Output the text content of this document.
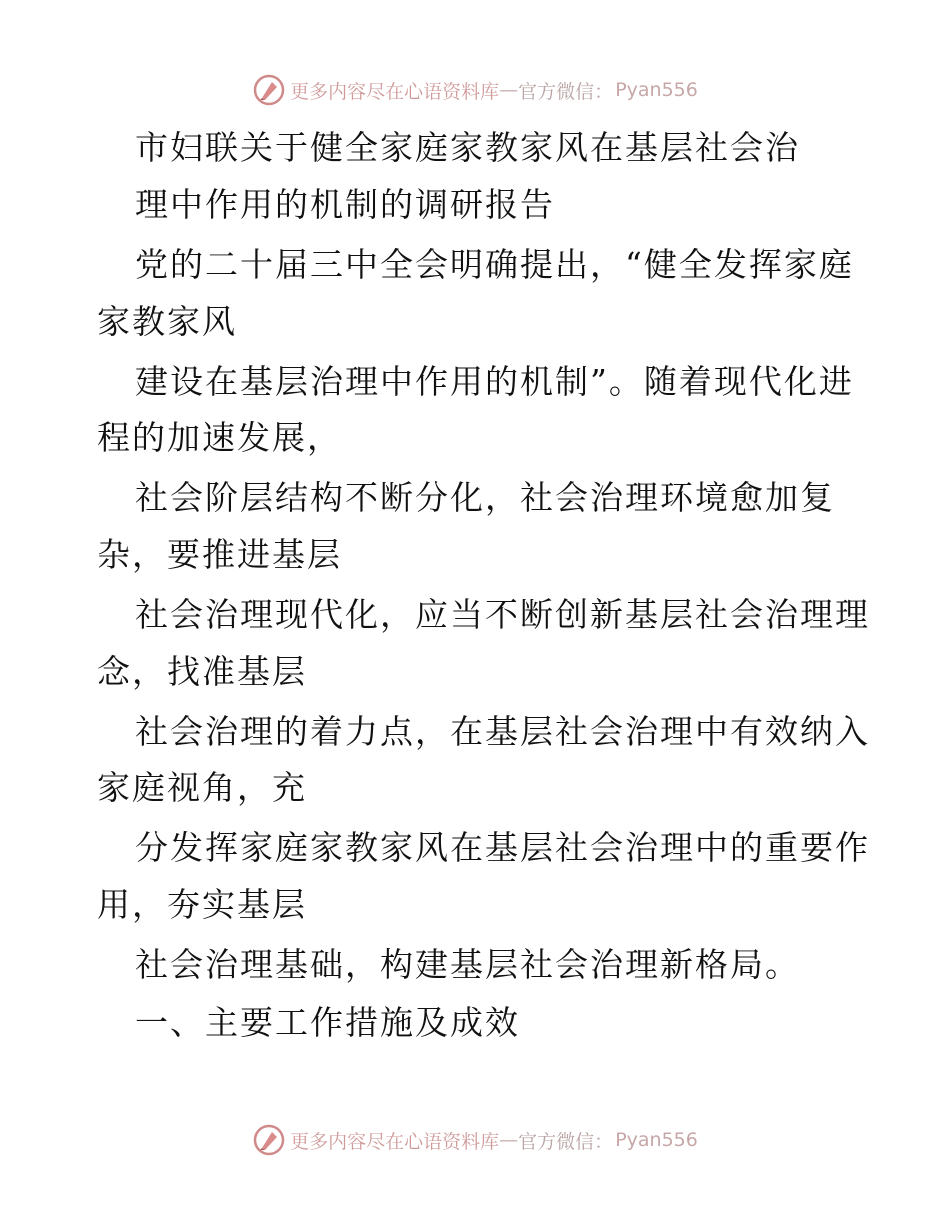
更多内容尽在心语资料库 — 官方微信： Pyan556
市妇联关于健全家庭家教家风在基层社会治
理中作用的机制的调研报告
党的二十届三中全会明确提出，“健全发挥家庭
家教家风
建设在基层治理中作用的机制”。随着现代化进
程的加速发展，
社会阶层结构不断分化，社会治理环境愈加复
杂，要推进基层
社会治理现代化，应当不断创新基层社会治理理
念，找准基层
社会治理的着力点，在基层社会治理中有效纳入
家庭视角，充
分发挥家庭家教家风在基层社会治理中的重要作
用，夯实基层
社会治理基础，构建基层社会治理新格局。
一、主要工作措施及成效
更多内容尽在心语资料库 — 官方微信： Pyan556
